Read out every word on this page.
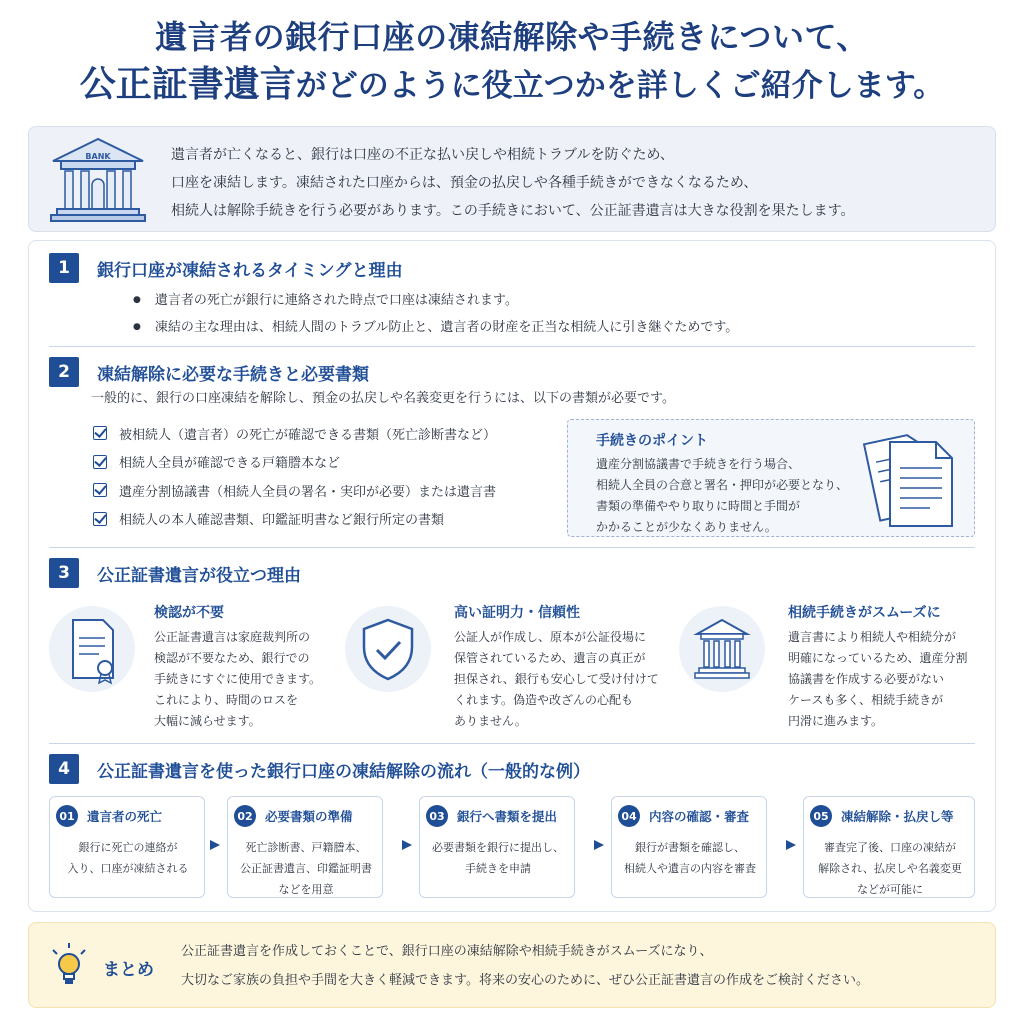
遺言者の銀行口座の凍結解除や手続きについて、
公正証書遺言がどのように役立つかを詳しくご紹介します。
BANK	遺言者が亡くなると、銀行は口座の不正な払い戻しや相続トラブルを防ぐため、
口座を凍結します。凍結された口座からは、預金の払戻しや各種手続きができなくなるため、
相続人は解除手続きを行う必要があります。この手続きにおいて、公正証書遺言は大きな役割を果たします。
1	銀行口座が凍結されるタイミングと理由
● 遺言者の死亡が銀行に連絡された時点で口座は凍結されます。
● 凍結の主な理由は、相続人間のトラブル防止と、遺言者の財産を正当な相続人に引き継ぐためです。
2	凍結解除に必要な手続きと必要書類
一般的に、銀行の口座凍結を解除し、預金の払戻しや名義変更を行うには、以下の書類が必要です。
被相続人（遺言者）の死亡が確認できる書類（死亡診断書など）
相続人全員が確認できる戸籍謄本など
遺産分割協議書（相続人全員の署名・実印が必要）または遺言書
相続人の本人確認書類、印鑑証明書など銀行所定の書類
手続きのポイント
遺産分割協議書で手続きを行う場合、
相続人全員の合意と署名・押印が必要となり、
書類の準備ややり取りに時間と手間が
かかることが少なくありません。
3	公正証書遺言が役立つ理由
検認が不要
公正証書遺言は家庭裁判所の
検認が不要なため、銀行での
手続きにすぐに使用できます。
これにより、時間のロスを
大幅に減らせます。
高い証明力・信頼性
公証人が作成し、原本が公証役場に
保管されているため、遺言の真正が
担保され、銀行も安心して受け付けて
くれます。偽造や改ざんの心配も
ありません。
相続手続きがスムーズに
遺言書により相続人や相続分が
明確になっているため、遺産分割
協議書を作成する必要がない
ケースも多く、相続手続きが
円滑に進みます。
4	公正証書遺言を使った銀行口座の凍結解除の流れ（一般的な例）
01 遺言者の死亡
銀行に死亡の連絡が
入り、口座が凍結される
02 必要書類の準備
死亡診断書、戸籍謄本、
公正証書遺言、印鑑証明書
などを用意
03 銀行へ書類を提出
必要書類を銀行に提出し、
手続きを申請
04 内容の確認・審査
銀行が書類を確認し、
相続人や遺言の内容を審査
05 凍結解除・払戻し等
審査完了後、口座の凍結が
解除され、払戻しや名義変更
などが可能に
まとめ
公正証書遺言を作成しておくことで、銀行口座の凍結解除や相続手続きがスムーズになり、
大切なご家族の負担や手間を大きく軽減できます。将来の安心のために、ぜひ公正証書遺言の作成をご検討ください。
